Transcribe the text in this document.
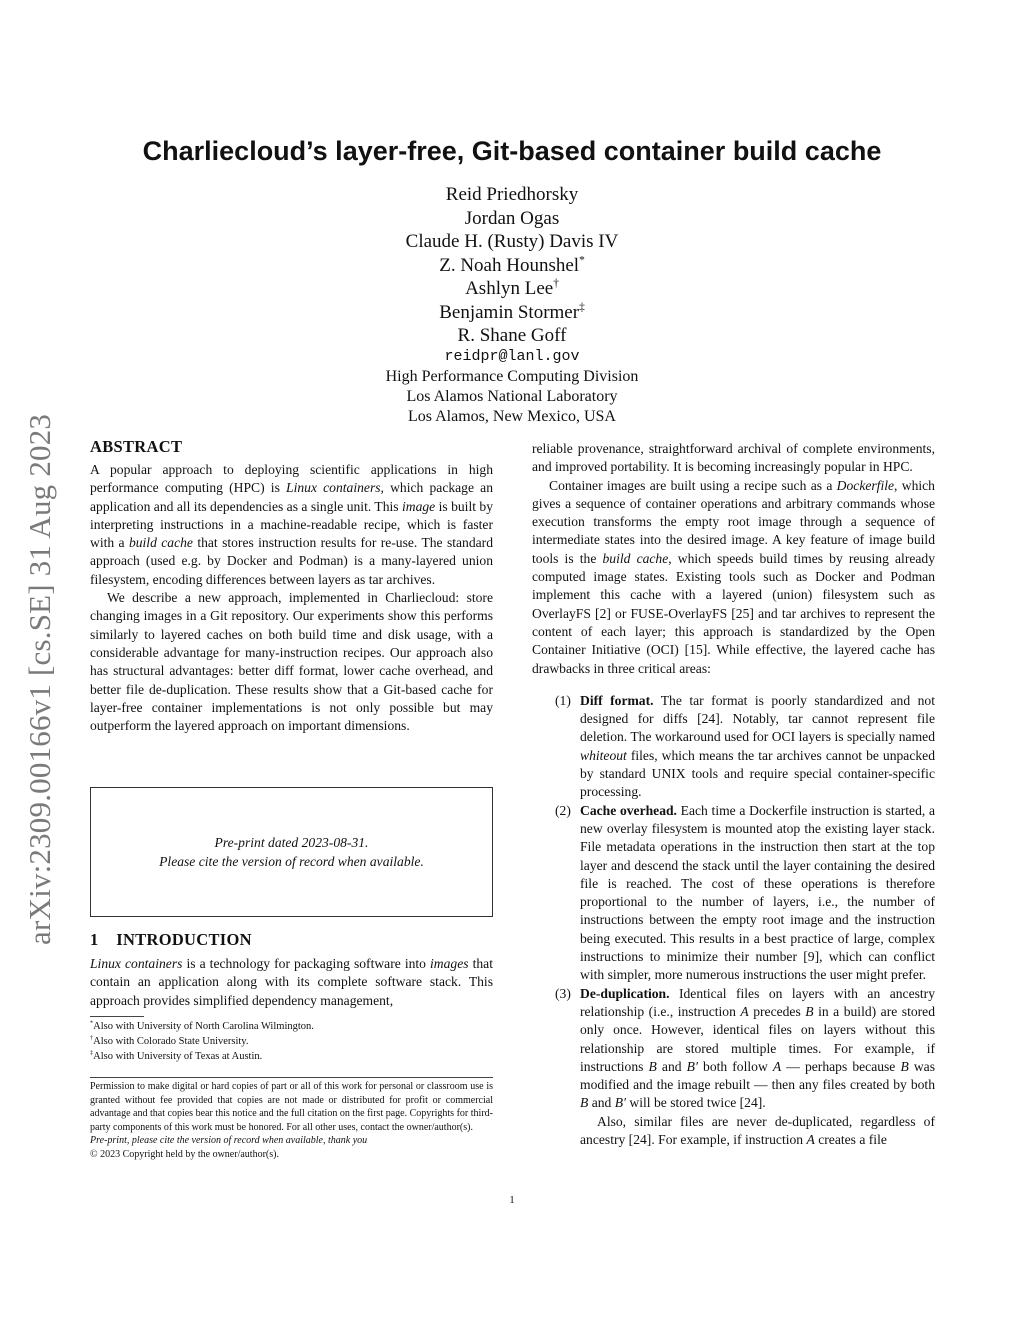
arXiv:2309.00166v1 [cs.SE] 31 Aug 2023
Charliecloud’s layer-free, Git-based container build cache
Reid Priedhorsky
Jordan Ogas
Claude H. (Rusty) Davis IV
Z. Noah Hounshel*
Ashlyn Lee†
Benjamin Stormer‡
R. Shane Goff
reidpr@lanl.gov
High Performance Computing Division
Los Alamos National Laboratory
Los Alamos, New Mexico, USA
ABSTRACT

A popular approach to deploying scientific applications in high performance computing (HPC) is Linux containers, which package an application and all its dependencies as a single unit. This image is built by interpreting instructions in a machine-readable recipe, which is faster with a build cache that stores instruction results for re-use. The standard approach (used e.g. by Docker and Podman) is a many-layered union filesystem, encoding differences between layers as tar archives.

We describe a new approach, implemented in Charliecloud: store changing images in a Git repository. Our experiments show this performs similarly to layered caches on both build time and disk usage, with a considerable advantage for many-instruction recipes. Our approach also has structural advantages: better diff format, lower cache overhead, and better file de-duplication. These results show that a Git-based cache for layer-free container implementations is not only possible but may outperform the layered approach on important dimensions.

Pre-print dated 2023-08-31.
Please cite the version of record when available.
1    INTRODUCTION

Linux containers is a technology for packaging software into images that contain an application along with its complete software stack. This approach provides simplified dependency management,

*Also with University of North Carolina Wilmington.
†Also with Colorado State University.
‡Also with University of Texas at Austin.
Permission to make digital or hard copies of part or all of this work for personal or classroom use is granted without fee provided that copies are not made or distributed for profit or commercial advantage and that copies bear this notice and the full citation on the first page. Copyrights for third-party components of this work must be honored. For all other uses, contact the owner/author(s).
Pre-print, please cite the version of record when available, thank you
© 2023 Copyright held by the owner/author(s).

reliable provenance, straightforward archival of complete environments, and improved portability. It is becoming increasingly popular in HPC.

Container images are built using a recipe such as a Dockerfile, which gives a sequence of container operations and arbitrary commands whose execution transforms the empty root image through a sequence of intermediate states into the desired image. A key feature of image build tools is the build cache, which speeds build times by reusing already computed image states. Existing tools such as Docker and Podman implement this cache with a layered (union) filesystem such as OverlayFS [2] or FUSE-OverlayFS [25] and tar archives to represent the content of each layer; this approach is standardized by the Open Container Initiative (OCI) [15]. While effective, the layered cache has drawbacks in three critical areas:

(1) Diff format. The tar format is poorly standardized and not designed for diffs [24]. Notably, tar cannot represent file deletion. The workaround used for OCI layers is specially named whiteout files, which means the tar archives cannot be unpacked by standard UNIX tools and require special container-specific processing.
(2) Cache overhead. Each time a Dockerfile instruction is started, a new overlay filesystem is mounted atop the existing layer stack. File metadata operations in the instruction then start at the top layer and descend the stack until the layer containing the desired file is reached. The cost of these operations is therefore proportional to the number of layers, i.e., the number of instructions between the empty root image and the instruction being executed. This results in a best practice of large, complex instructions to minimize their number [9], which can conflict with simpler, more numerous instructions the user might prefer.
(3) De-duplication. Identical files on layers with an ancestry relationship (i.e., instruction A precedes B in a build) are stored only once. However, identical files on layers without this relationship are stored multiple times. For example, if instructions B and B′ both follow A — perhaps because B was modified and the image rebuilt — then any files created by both B and B′ will be stored twice [24].

Also, similar files are never de-duplicated, regardless of ancestry [24]. For example, if instruction A creates a file

1
